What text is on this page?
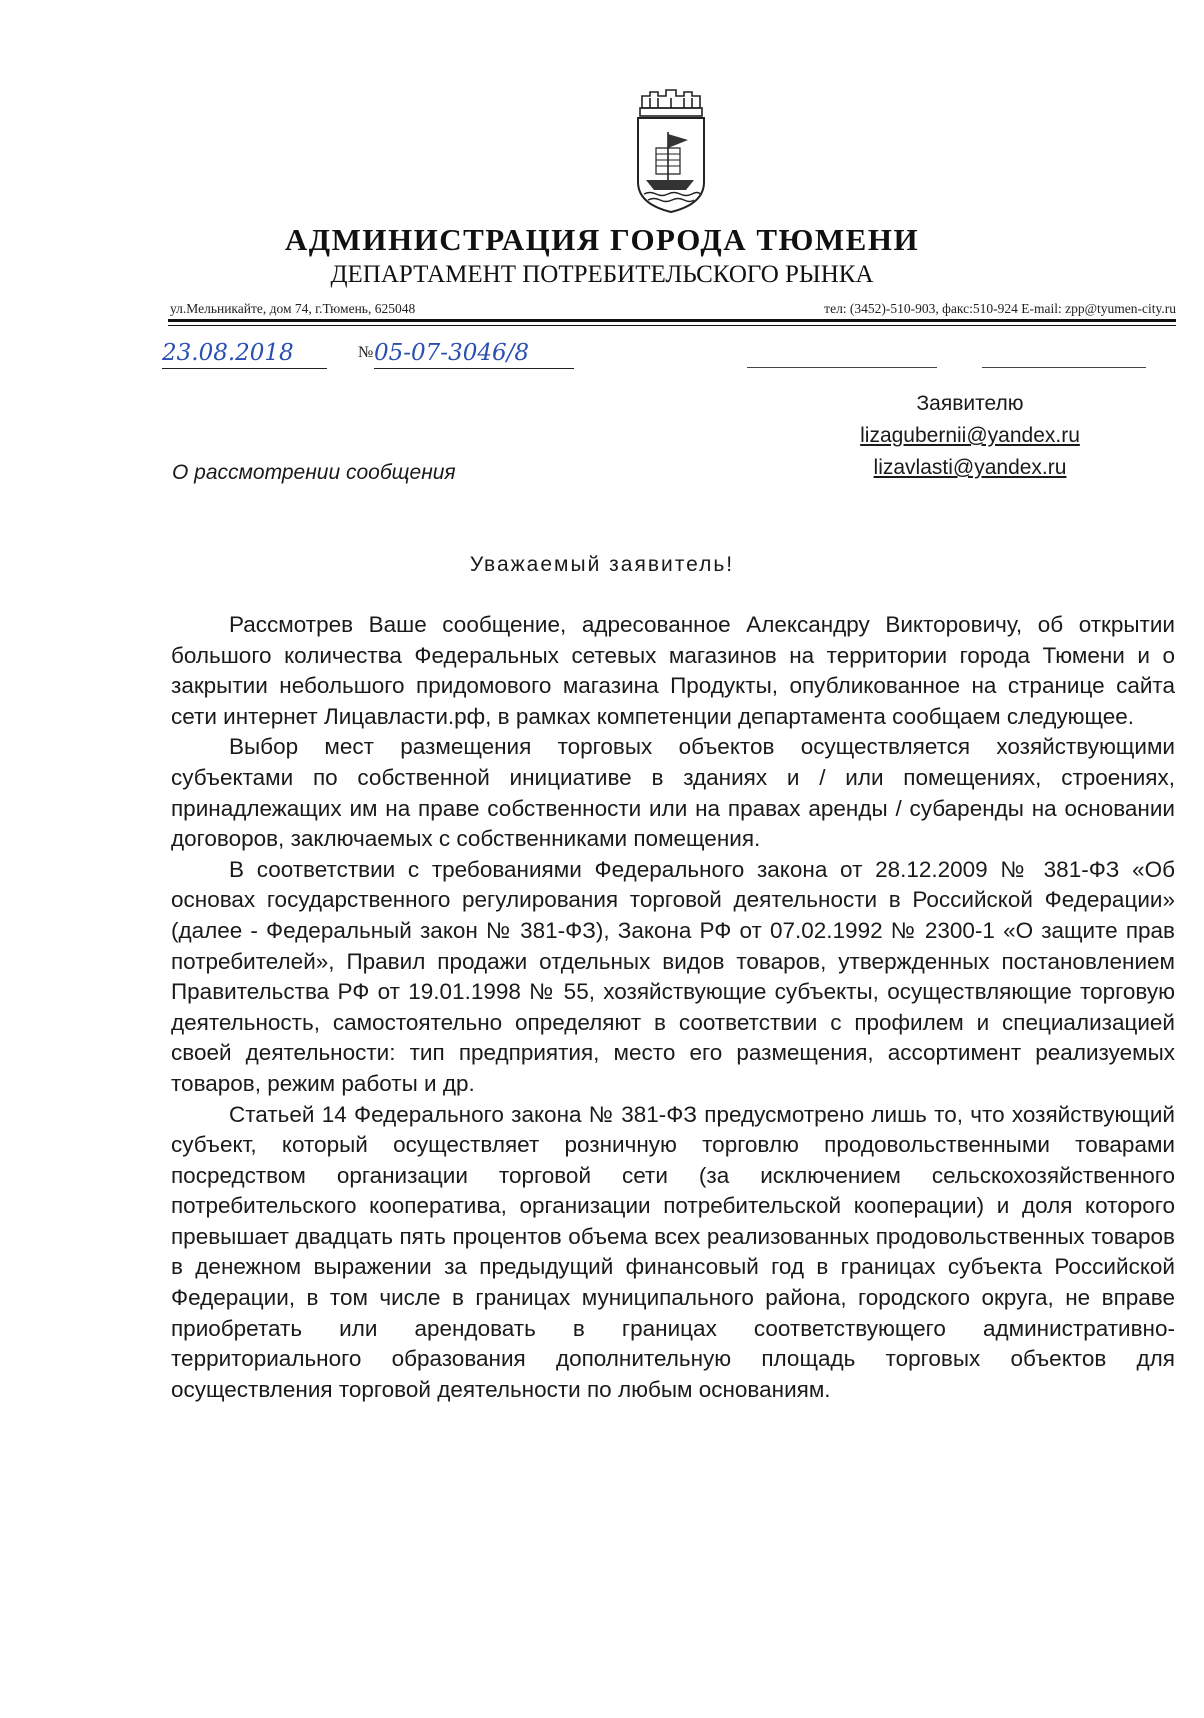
АДМИНИСТРАЦИЯ ГОРОДА ТЮМЕНИ
ДЕПАРТАМЕНТ ПОТРЕБИТЕЛЬСКОГО РЫНКА
ул.Мельникайте, дом 74, г.Тюмень, 625048	тел: (3452)-510-903, факс:510-924 E-mail: zpp@tyumen-city.ru
23.08.2018	№ 05-07-3046/8
Заявителю
lizagubernii@yandex.ru
lizavlasti@yandex.ru
О рассмотрении сообщения
Уважаемый заявитель!

Рассмотрев Ваше сообщение, адресованное Александру Викторовичу, об открытии большого количества Федеральных сетевых магазинов на территории города Тюмени и о закрытии небольшого придомового магазина Продукты, опубликованное на странице сайта сети интернет Лицавласти.рф, в рамках компетенции департамента сообщаем следующее.

Выбор мест размещения торговых объектов осуществляется хозяйствующими субъектами по собственной инициативе в зданиях и / или помещениях, строениях, принадлежащих им на праве собственности или на правах аренды / субаренды на основании договоров, заключаемых с собственниками помещения.

В соответствии с требованиями Федерального закона от 28.12.2009 № 381-ФЗ «Об основах государственного регулирования торговой деятельности в Российской Федерации» (далее - Федеральный закон № 381-ФЗ), Закона РФ от 07.02.1992 № 2300-1 «О защите прав потребителей», Правил продажи отдельных видов товаров, утвержденных постановлением Правительства РФ от 19.01.1998 № 55, хозяйствующие субъекты, осуществляющие торговую деятельность, самостоятельно определяют в соответствии с профилем и специализацией своей деятельности: тип предприятия, место его размещения, ассортимент реализуемых товаров, режим работы и др.

Статьей 14 Федерального закона № 381-ФЗ предусмотрено лишь то, что хозяйствующий субъект, который осуществляет розничную торговлю продовольственными товарами посредством организации торговой сети (за исключением сельскохозяйственного потребительского кооператива, организации потребительской кооперации) и доля которого превышает двадцать пять процентов объема всех реализованных продовольственных товаров в денежном выражении за предыдущий финансовый год в границах субъекта Российской Федерации, в том числе в границах муниципального района, городского округа, не вправе приобретать или арендовать в границах соответствующего административно-территориального образования дополнительную площадь торговых объектов для осуществления торговой деятельности по любым основаниям.
